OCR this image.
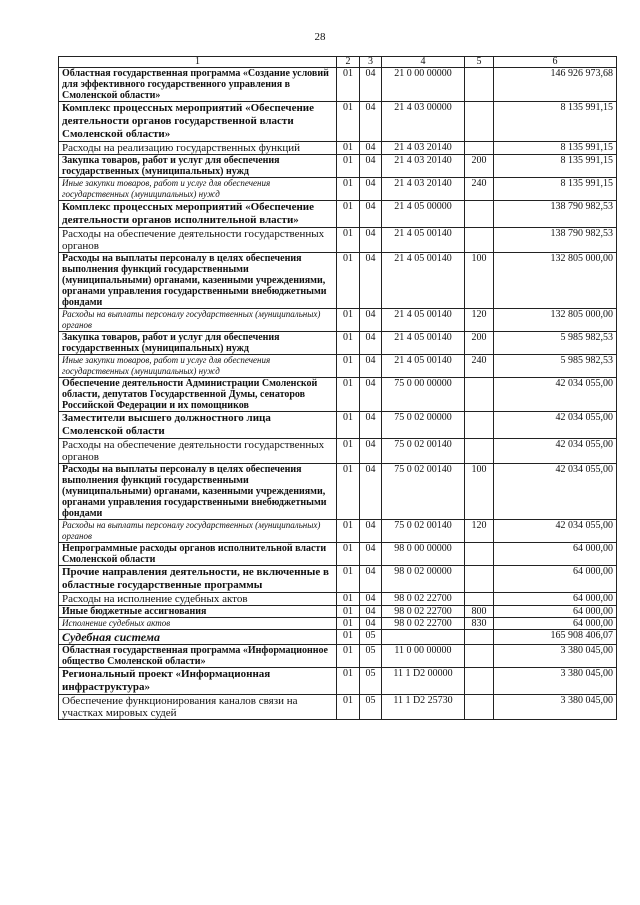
28
1	2	3	4	5	6
Областная государственная программа «Создание условий для эффективного государственного управления в Смоленской области»	01	04	21 0 00 00000		146 926 973,68
Комплекс процессных мероприятий «Обеспечение деятельности органов государственной власти Смоленской области»	01	04	21 4 03 00000		8 135 991,15
Расходы на реализацию государственных функций	01	04	21 4 03 20140		8 135 991,15
Закупка товаров, работ и услуг для обеспечения государственных (муниципальных) нужд	01	04	21 4 03 20140	200	8 135 991,15
Иные закупки товаров, работ и услуг для обеспечения государственных (муниципальных) нужд	01	04	21 4 03 20140	240	8 135 991,15
Комплекс процессных мероприятий «Обеспечение деятельности органов исполнительной власти»	01	04	21 4 05 00000		138 790 982,53
Расходы на обеспечение деятельности государственных органов	01	04	21 4 05 00140		138 790 982,53
Расходы на выплаты персоналу в целях обеспечения выполнения функций государственными (муниципальными) органами, казенными учреждениями, органами управления государственными внебюджетными фондами	01	04	21 4 05 00140	100	132 805 000,00
Расходы на выплаты персоналу государственных (муниципальных) органов	01	04	21 4 05 00140	120	132 805 000,00
Закупка товаров, работ и услуг для обеспечения государственных (муниципальных) нужд	01	04	21 4 05 00140	200	5 985 982,53
Иные закупки товаров, работ и услуг для обеспечения государственных (муниципальных) нужд	01	04	21 4 05 00140	240	5 985 982,53
Обеспечение деятельности Администрации Смоленской области, депутатов Государственной Думы, сенаторов Российской Федерации и их помощников	01	04	75 0 00 00000		42 034 055,00
Заместители высшего должностного лица Смоленской области	01	04	75 0 02 00000		42 034 055,00
Расходы на обеспечение деятельности государственных органов	01	04	75 0 02 00140		42 034 055,00
Расходы на выплаты персоналу в целях обеспечения выполнения функций государственными (муниципальными) органами, казенными учреждениями, органами управления государственными внебюджетными фондами	01	04	75 0 02 00140	100	42 034 055,00
Расходы на выплаты персоналу государственных (муниципальных) органов	01	04	75 0 02 00140	120	42 034 055,00
Непрограммные расходы органов исполнительной власти Смоленской области	01	04	98 0 00 00000		64 000,00
Прочие направления деятельности, не включенные в областные государственные программы	01	04	98 0 02 00000		64 000,00
Расходы на исполнение судебных актов	01	04	98 0 02 22700		64 000,00
Иные бюджетные ассигнования	01	04	98 0 02 22700	800	64 000,00
Исполнение судебных актов	01	04	98 0 02 22700	830	64 000,00
Судебная система	01	05			165 908 406,07
Областная государственная программа «Информационное общество Смоленской области»	01	05	11 0 00 00000		3 380 045,00
Региональный проект «Информационная инфраструктура»	01	05	11 1 D2 00000		3 380 045,00
Обеспечение функционирования каналов связи на участках мировых судей	01	05	11 1 D2 25730		3 380 045,00
